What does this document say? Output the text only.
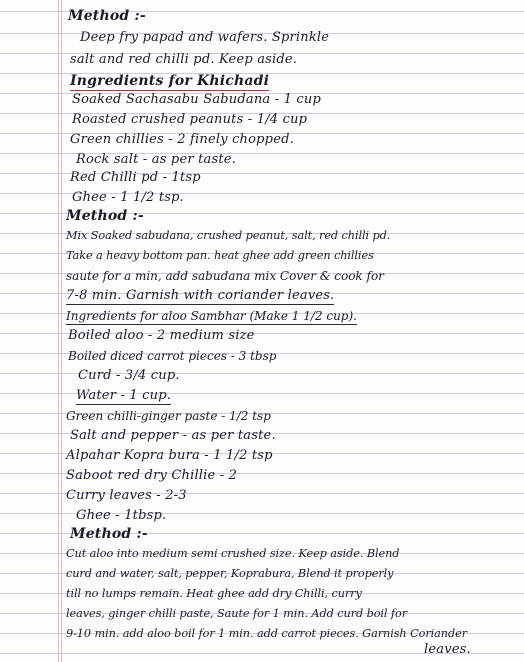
Method :-
Deep fry papad and wafers. Sprinkle
salt and red chilli pd. Keep aside.
Ingredients for Khichadi
Soaked Sachasabu Sabudana - 1 cup
Roasted crushed peanuts - 1/4 cup
Green chillies - 2 finely chopped.
Rock salt - as per taste.
Red Chilli pd - 1tsp
Ghee - 1 1/2 tsp.
Method :-
Mix Soaked sabudana, crushed peanut, salt, red chilli pd.
Take a heavy bottom pan. heat ghee add green chillies
saute for a min, add sabudana mix Cover & cook for
7-8 min. Garnish with coriander leaves.
Ingredients for aloo Sambhar (Make 1 1/2 cup).
Boiled aloo - 2 medium size
Boiled diced carrot pieces - 3 tbsp
Curd - 3/4 cup.
Water - 1 cup.
Green chilli-ginger paste - 1/2 tsp
Salt and pepper - as per taste.
Alpahar Kopra bura - 1 1/2 tsp
Saboot red dry Chillie - 2
Curry leaves - 2-3
Ghee - 1tbsp.
Method :-
Cut aloo into medium semi crushed size. Keep aside. Blend
curd and water, salt, pepper, Koprabura, Blend it properly
till no lumps remain. Heat ghee add dry Chilli, curry
leaves, ginger chilli paste, Saute for 1 min. Add curd boil for
9-10 min. add aloo boil for 1 min. add carrot pieces. Garnish Coriander
leaves.
